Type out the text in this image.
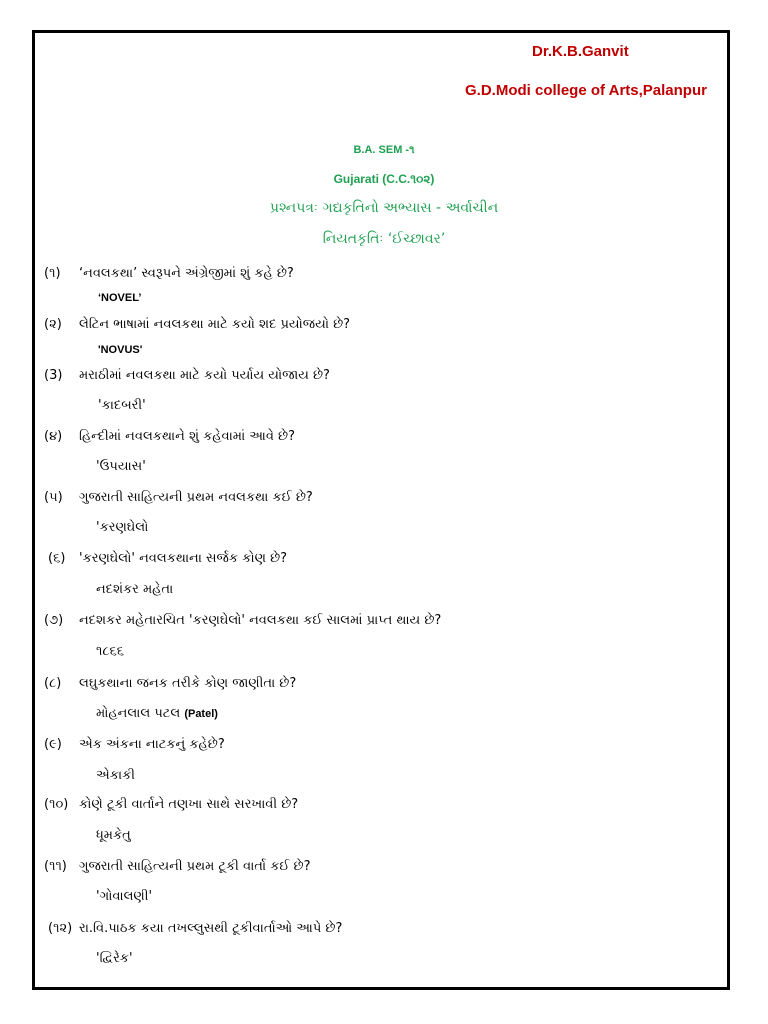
Dr.K.B.Ganvit
G.D.Modi college of Arts,Palanpur
B.A. SEM -૧
Gujarati (C.C.૧૦૨)
પ્રશ્નપત્રઃ ગદ્યકૃતિનો અભ્યાસ - અર્વાચીન
નિયતકૃતિઃ ‘ઈચ્છાવર’
(૧) ‘નવલકથા’ સ્વરૂપને અંગ્રેજીમાં શું કહે છે?
‘NOVEL’
(૨) લેટિન ભાષામાં નવલકથા માટે કયો શદ પ્રયોજયો છે?
'NOVUS'
(3) મરાઠીમાં નવલકથા માટે કયો પર્યાય યોજાય છે?
'કાદબરી'
(૪) હિન્દીમાં નવલકથાને શું કહેવામાં આવે છે?
'ઉપયાસ'
(૫) ગુજરાતી સાહિત્યની પ્રથમ નવલકથા કઈ છે?
'કરણઘેલો
(૬) 'કરણઘેલો' નવલકથાના સર્જક કોણ છે?
નદશંકર મહેતા
(૭) નદશકર મહેતારચિત 'કરણઘેલો' નવલકથા કઈ સાલમાં પ્રાપ્ત થાય છે?
૧૮૬૬
(૮) લઘુકથાના જનક તરીકે કોણ જાણીતા છે?
મોહનલાલ પટલ (Patel)
(૯) એક અંકના નાટકનું કહેછે?
એકાકી
(૧૦) કોણે ટૂકી વાર્તાને તણખા સાથે સરખાવી છે?
ધૂમકેતુ
(૧૧) ગુજરાતી સાહિત્યની પ્રથમ ટૂકી વાર્તા કઈ છે?
'ગોવાલણી'
(૧૨) રા.વિ.પાઠક કયા તખલ્લુસથી ટૂકીવાર્તાઓ આપે છે?
'દ્વિરેક'
